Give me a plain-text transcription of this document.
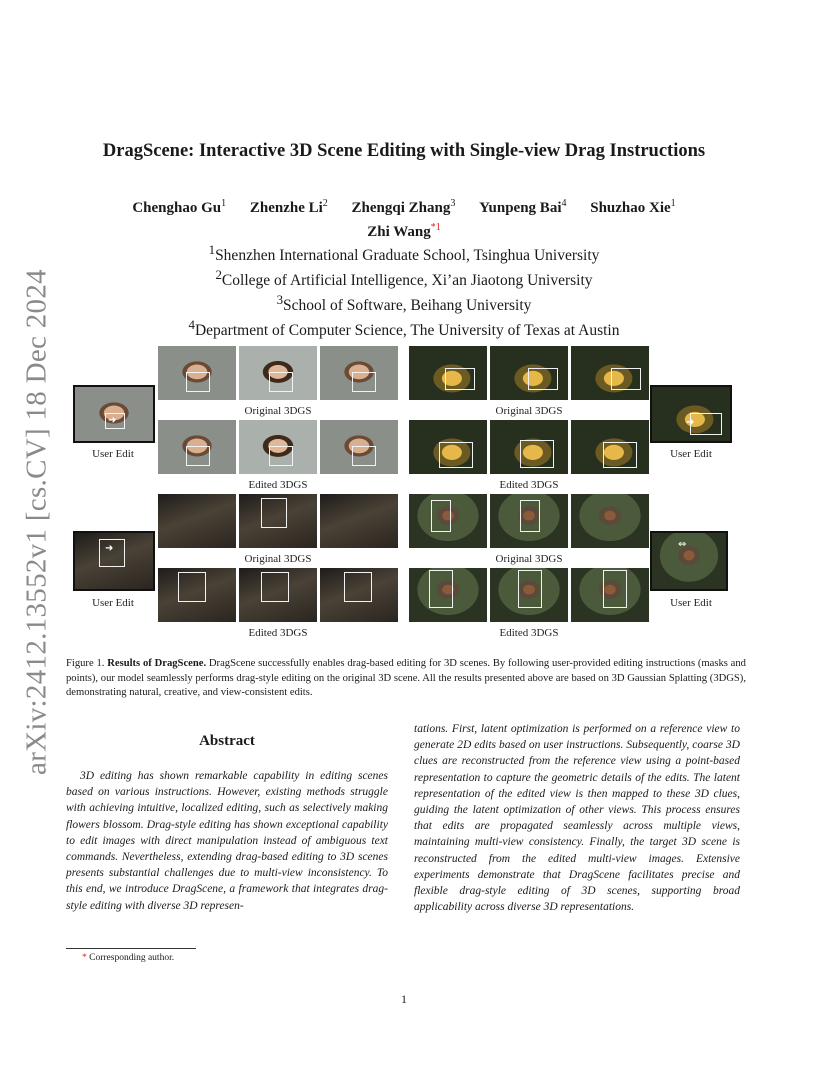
arXiv:2412.13552v1 [cs.CV] 18 Dec 2024
DragScene: Interactive 3D Scene Editing with Single-view Drag Instructions
Chenghao Gu$^1$ Zhenzhe Li$^2$ Zhengqi Zhang$^3$ Yunpeng Bai$^4$ Shuzhao Xie$^1$
Zhi Wang$^{*1}$
$^1$Shenzhen International Graduate School, Tsinghua University
$^2$College of Artificial Intelligence, Xi’an Jiaotong University
$^3$School of Software, Beihang University
$^4$Department of Computer Science, The University of Texas at Austin
➜
User Edit
Original 3DGS
Edited 3DGS
Original 3DGS
Edited 3DGS
➜
User Edit
➜
User Edit
Original 3DGS
Edited 3DGS
Original 3DGS
Edited 3DGS
⇔
User Edit
Figure 1. Results of DragScene. DragScene successfully enables drag-based editing for 3D scenes. By following user-provided editing instructions (masks and points), our model seamlessly performs drag-style editing on the original 3D scene. All the results presented above are based on 3D Gaussian Splatting (3DGS), demonstrating natural, creative, and view-consistent edits.
Abstract
3D editing has shown remarkable capability in editing scenes based on various instructions. However, existing methods struggle with achieving intuitive, localized editing, such as selectively making flowers blossom. Drag-style editing has shown exceptional capability to edit images with direct manipulation instead of ambiguous text commands. Nevertheless, extending drag-based editing to 3D scenes presents substantial challenges due to multi-view inconsistency. To this end, we introduce DragScene, a framework that integrates drag-style editing with diverse 3D represen-
tations. First, latent optimization is performed on a reference view to generate 2D edits based on user instructions. Subsequently, coarse 3D clues are reconstructed from the reference view using a point-based representation to capture the geometric details of the edits. The latent representation of the edited view is then mapped to these 3D clues, guiding the latent optimization of other views. This process ensures that edits are propagated seamlessly across multiple views, maintaining multi-view consistency. Finally, the target 3D scene is reconstructed from the edited multi-view images. Extensive experiments demonstrate that DragScene facilitates precise and flexible drag-style editing of 3D scenes, supporting broad applicability across diverse 3D representations.
* Corresponding author.
1
